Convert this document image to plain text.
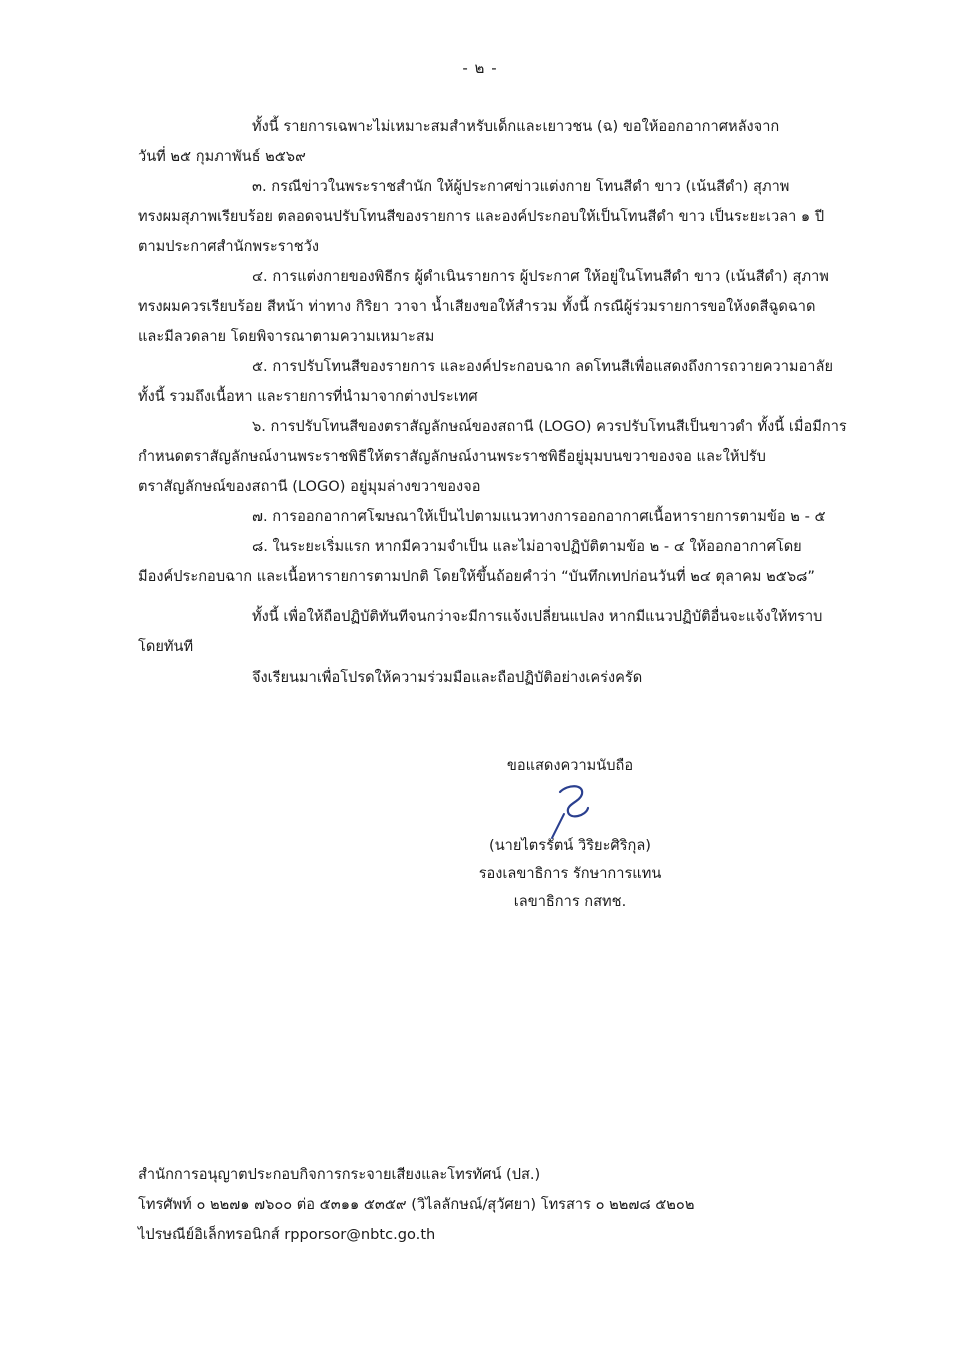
- ๒ -
ทั้งนี้ รายการเฉพาะไม่เหมาะสมสำหรับเด็กและเยาวชน (ฉ) ขอให้ออกอากาศหลังจาก
วันที่ ๒๕ กุมภาพันธ์ ๒๕๖๙
๓. กรณีข่าวในพระราชสำนัก ให้ผู้ประกาศข่าวแต่งกาย โทนสีดำ ขาว (เน้นสีดำ) สุภาพ
ทรงผมสุภาพเรียบร้อย ตลอดจนปรับโทนสีของรายการ และองค์ประกอบให้เป็นโทนสีดำ ขาว เป็นระยะเวลา ๑ ปี
ตามประกาศสำนักพระราชวัง
๔. การแต่งกายของพิธีกร ผู้ดำเนินรายการ ผู้ประกาศ ให้อยู่ในโทนสีดำ ขาว (เน้นสีดำ) สุภาพ
ทรงผมควรเรียบร้อย สีหน้า ท่าทาง กิริยา วาจา น้ำเสียงขอให้สำรวม ทั้งนี้ กรณีผู้ร่วมรายการขอให้งดสีฉูดฉาด
และมีลวดลาย โดยพิจารณาตามความเหมาะสม
๕. การปรับโทนสีของรายการ และองค์ประกอบฉาก ลดโทนสีเพื่อแสดงถึงการถวายความอาลัย
ทั้งนี้ รวมถึงเนื้อหา และรายการที่นำมาจากต่างประเทศ
๖. การปรับโทนสีของตราสัญลักษณ์ของสถานี (LOGO) ควรปรับโทนสีเป็นขาวดำ ทั้งนี้ เมื่อมีการ
กำหนดตราสัญลักษณ์งานพระราชพิธีให้ตราสัญลักษณ์งานพระราชพิธีอยู่มุมบนขวาของจอ และให้ปรับ
ตราสัญลักษณ์ของสถานี (LOGO) อยู่มุมล่างขวาของจอ
๗. การออกอากาศโฆษณาให้เป็นไปตามแนวทางการออกอากาศเนื้อหารายการตามข้อ ๒ - ๕
๘. ในระยะเริ่มแรก หากมีความจำเป็น และไม่อาจปฏิบัติตามข้อ ๒ - ๔ ให้ออกอากาศโดย
มีองค์ประกอบฉาก และเนื้อหารายการตามปกติ โดยให้ขึ้นถ้อยคำว่า “บันทึกเทปก่อนวันที่ ๒๔ ตุลาคม ๒๕๖๘”
ทั้งนี้ เพื่อให้ถือปฏิบัติทันทีจนกว่าจะมีการแจ้งเปลี่ยนแปลง หากมีแนวปฏิบัติอื่นจะแจ้งให้ทราบ
โดยทันที
จึงเรียนมาเพื่อโปรดให้ความร่วมมือและถือปฏิบัติอย่างเคร่งครัด
ขอแสดงความนับถือ
(นายไตรรัตน์ วิริยะศิริกุล)
รองเลขาธิการ รักษาการแทน
เลขาธิการ กสทช.
สำนักการอนุญาตประกอบกิจการกระจายเสียงและโทรทัศน์ (ปส.)
โทรศัพท์ ๐ ๒๒๗๑ ๗๖๐๐ ต่อ ๕๓๑๑ ๕๓๕๙ (วิไลลักษณ์/สุวัศยา) โทรสาร ๐ ๒๒๗๘ ๕๒๐๒
ไปรษณีย์อิเล็กทรอนิกส์ rpporsor@nbtc.go.th
